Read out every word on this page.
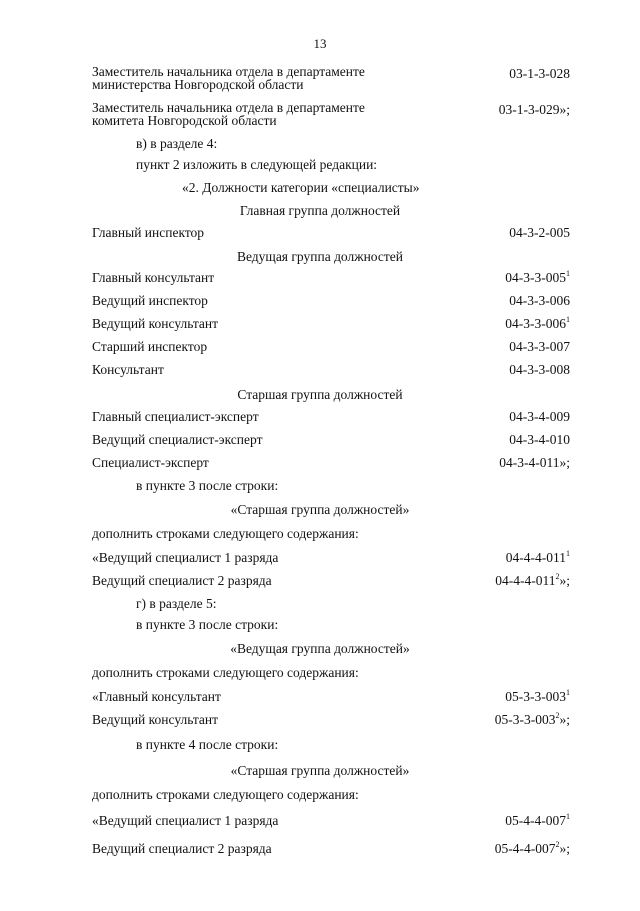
13
Заместитель начальника отдела в департаменте
министерства Новгородской области
03-1-3-028
Заместитель начальника отдела в департаменте
комитета Новгородской области
03-1-3-029»;
в) в разделе 4:
пункт 2 изложить в следующей редакции:
«2. Должности категории «специалисты»
Главная группа должностей
Главный инспектор	04-3-2-005
Ведущая группа должностей
Главный консультант	$04-3-3-005^1$
Ведущий инспектор	04-3-3-006
Ведущий консультант	$04-3-3-006^1$
Старший инспектор	04-3-3-007
Консультант	04-3-3-008
Старшая группа должностей
Главный специалист-эксперт	04-3-4-009
Ведущий специалист-эксперт	04-3-4-010
Специалист-эксперт	04-3-4-011»;
в пункте 3 после строки:
«Старшая группа должностей»
дополнить строками следующего содержания:
«Ведущий специалист 1 разряда	$04-4-4-011^1$
Ведущий специалист 2 разряда	$04-4-4-011^2$»;
г) в разделе 5:
в пункте 3 после строки:
«Ведущая группа должностей»
дополнить строками следующего содержания:
«Главный консультант	$05-3-3-003^1$
Ведущий консультант	$05-3-3-003^2$»;
в пункте 4 после строки:
«Старшая группа должностей»
дополнить строками следующего содержания:
«Ведущий специалист 1 разряда	$05-4-4-007^1$
Ведущий специалист 2 разряда	$05-4-4-007^2$»;
